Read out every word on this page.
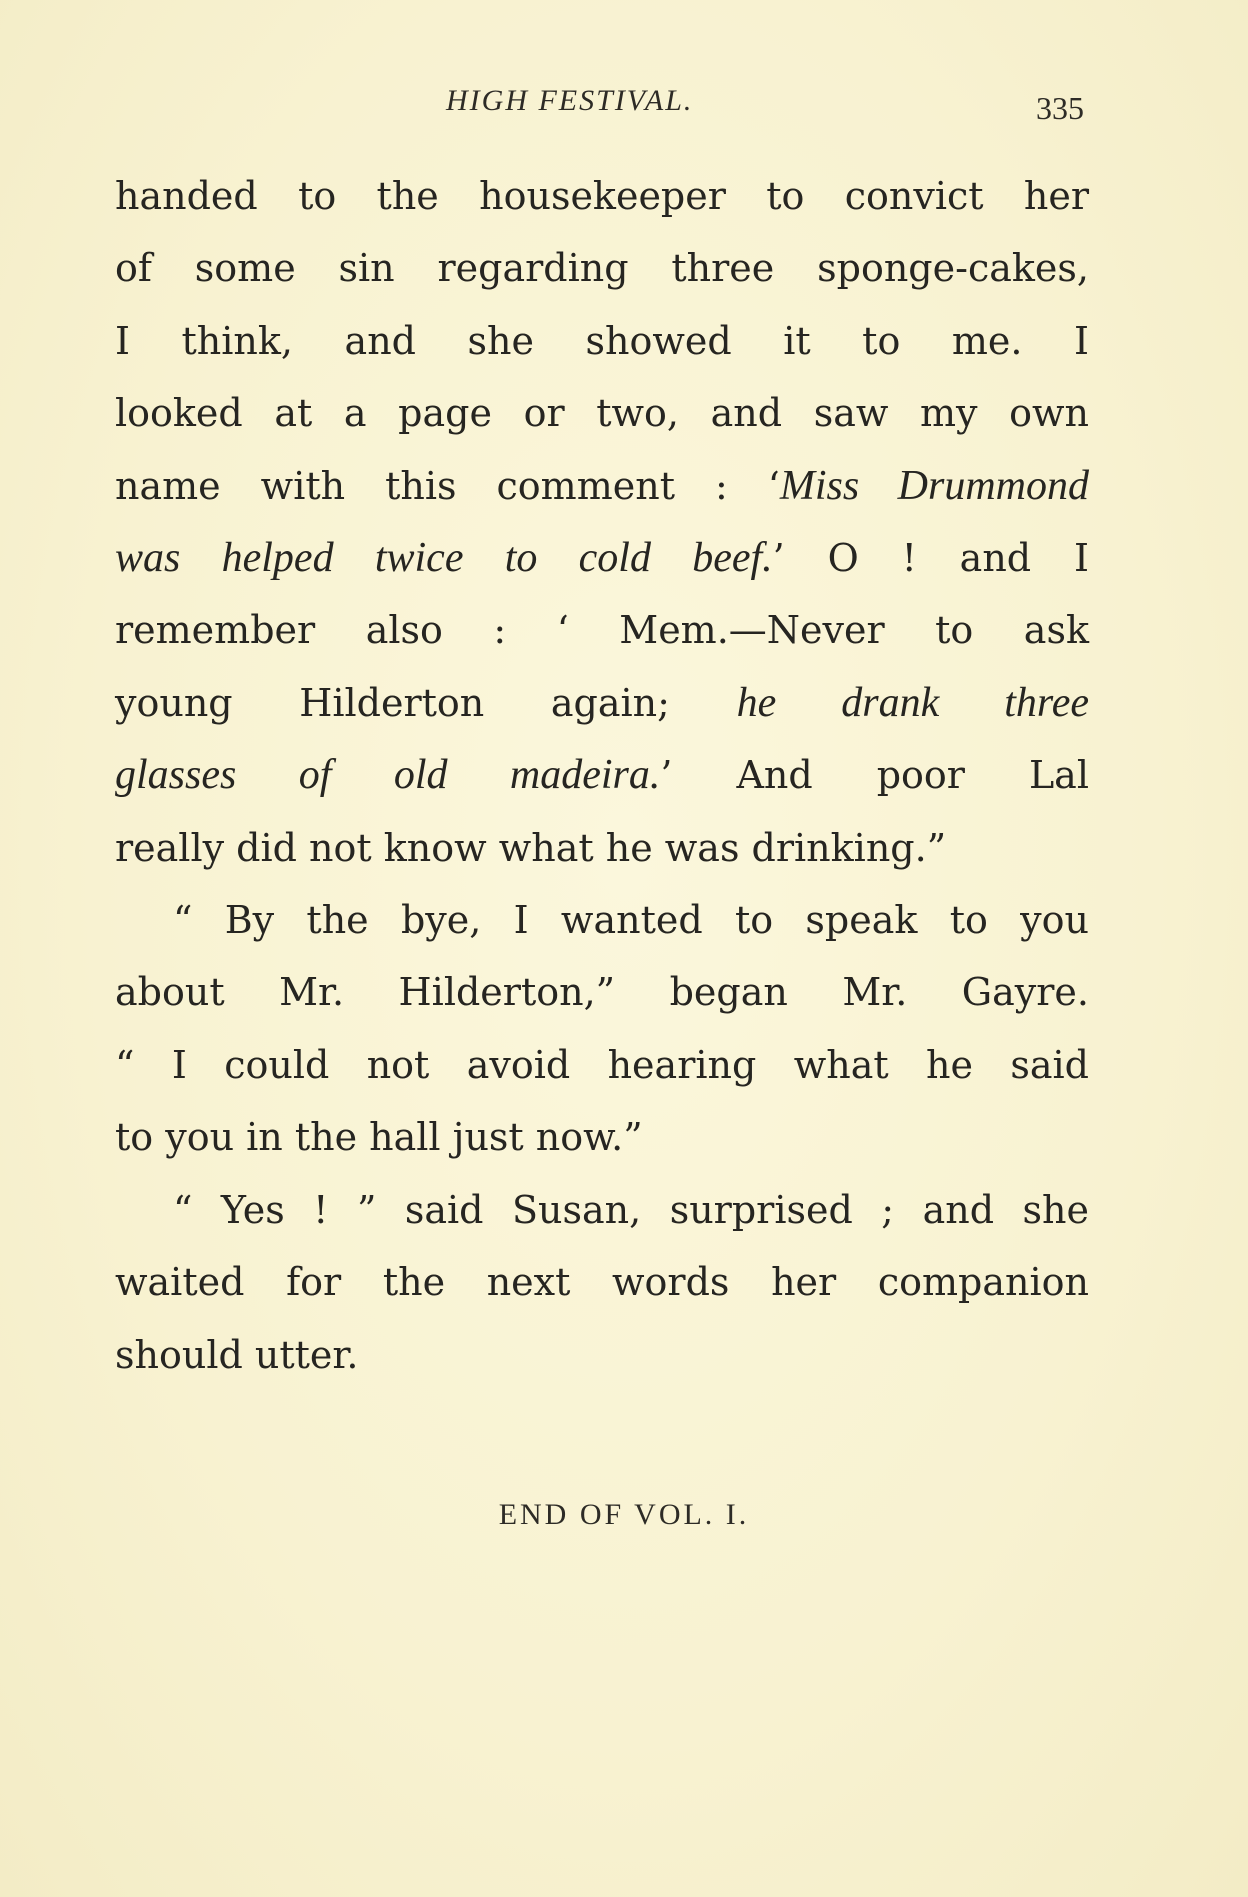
HIGH FESTIVAL.	335
handed to the housekeeper to convict her
of some sin regarding three sponge-cakes,
I think, and she showed it to me. I
looked at a page or two, and saw my own
name with this comment : ‘Miss Drummond
was helped twice to cold beef.’ O ! and I
remember also : ‘ Mem.—Never to ask
young Hilderton again; he drank three
glasses of old madeira.’ And poor Lal
really did not know what he was drinking.”
“ By the bye, I wanted to speak to you
about Mr. Hilderton,” began Mr. Gayre.
“ I could not avoid hearing what he said
to you in the hall just now.”
“ Yes ! ” said Susan, surprised ; and she
waited for the next words her companion
should utter.
END OF VOL. I.
